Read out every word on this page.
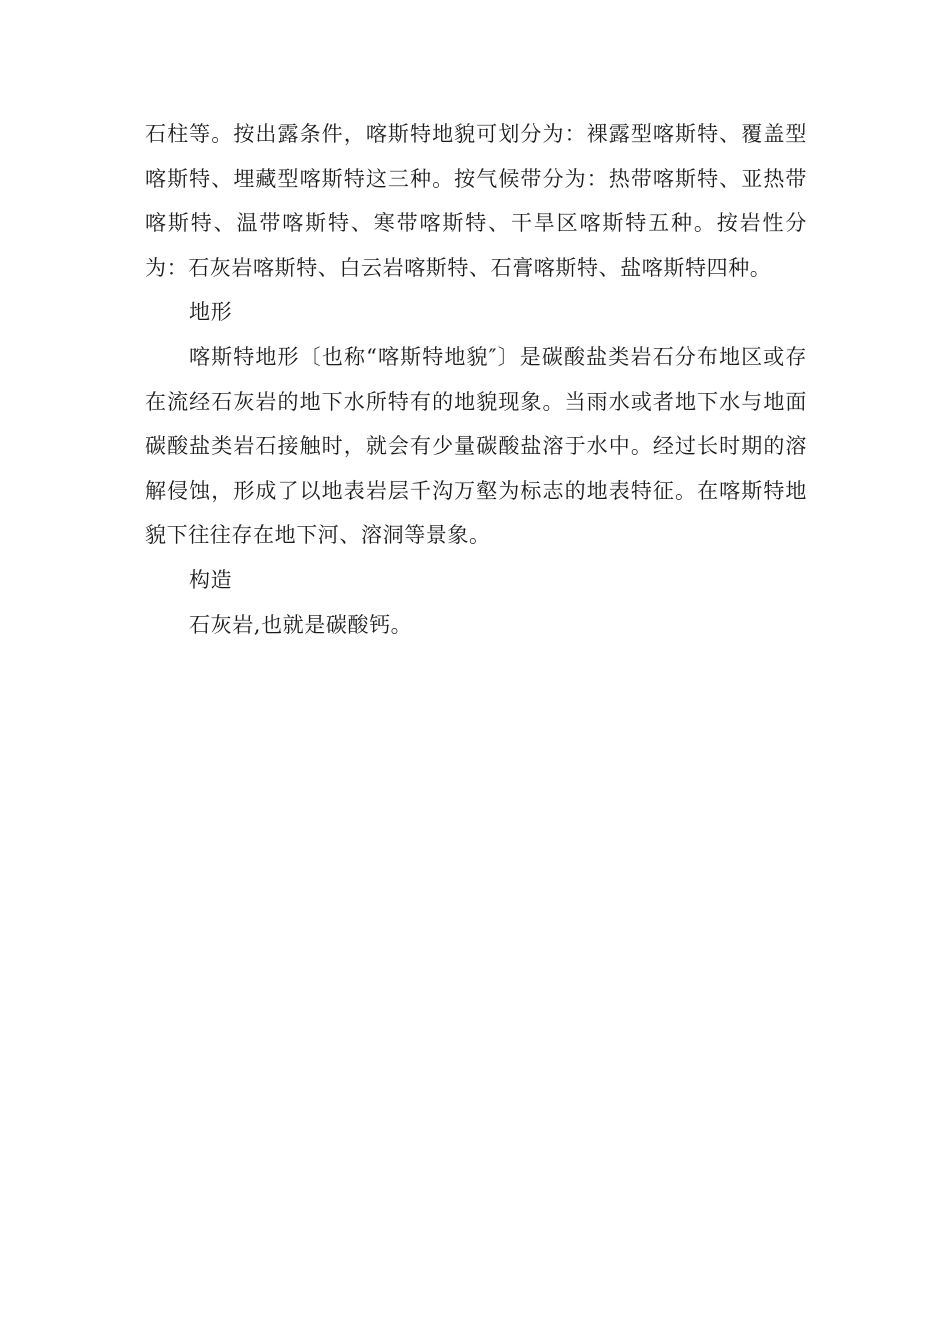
石柱等。按出露条件，喀斯特地貌可划分为：裸露型喀斯特、覆盖型喀斯特、埋藏型喀斯特这三种。按气候带分为：热带喀斯特、亚热带喀斯特、温带喀斯特、寒带喀斯特、干旱区喀斯特五种。按岩性分为：石灰岩喀斯特、白云岩喀斯特、石膏喀斯特、盐喀斯特四种。

地形

喀斯特地形〔也称“喀斯特地貌″〕是碳酸盐类岩石分布地区或存在流经石灰岩的地下水所特有的地貌现象。当雨水或者地下水与地面碳酸盐类岩石接触时，就会有少量碳酸盐溶于水中。经过长时期的溶解侵蚀，形成了以地表岩层千沟万壑为标志的地表特征。在喀斯特地貌下往往存在地下河、溶洞等景象。

构造

石灰岩,也就是碳酸钙。
